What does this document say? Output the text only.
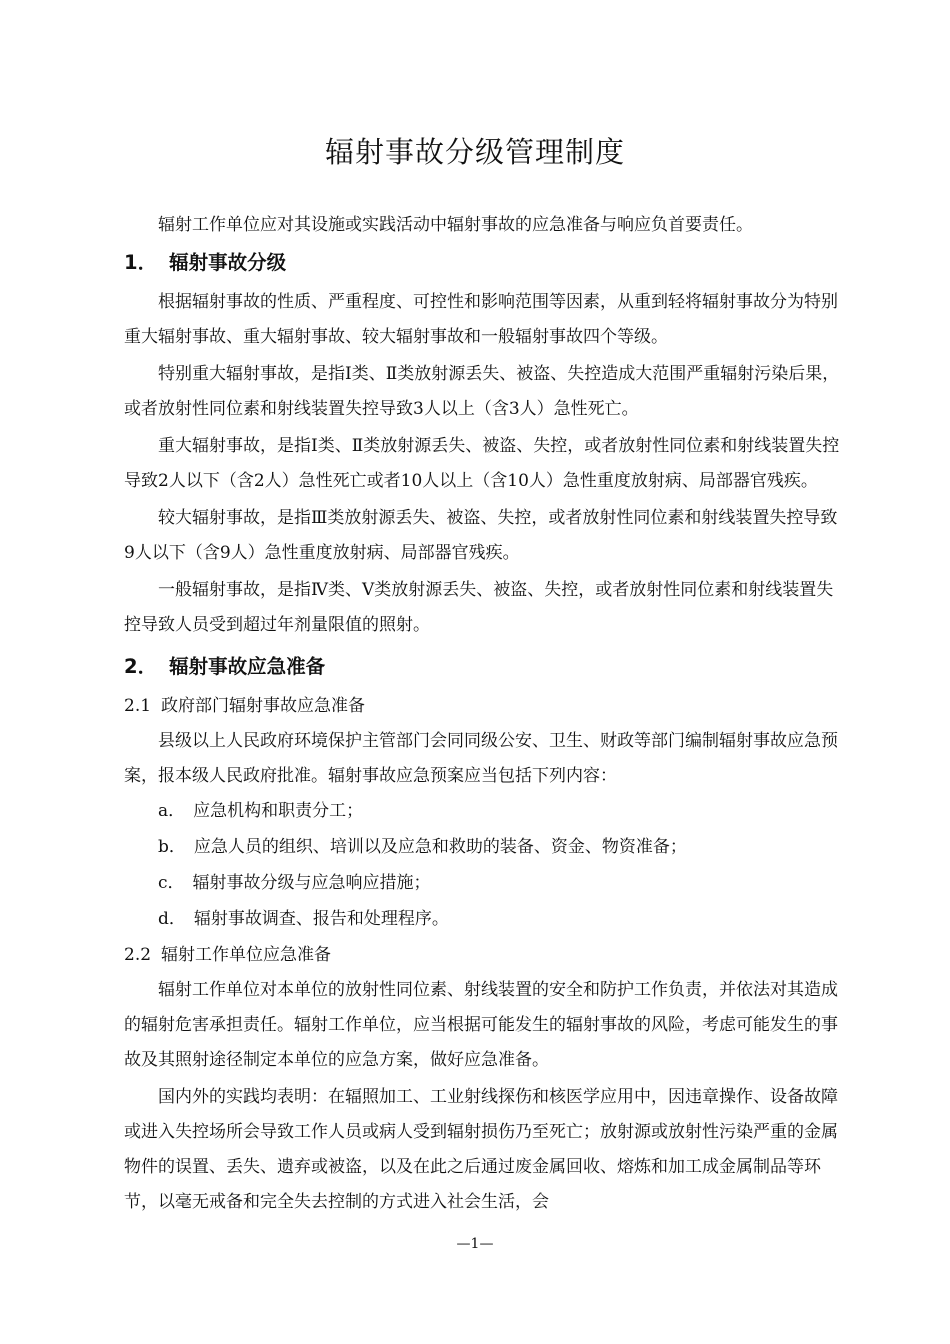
辐射事故分级管理制度

辐射工作单位应对其设施或实践活动中辐射事故的应急准备与响应负首要责任。

1． 辐射事故分级

根据辐射事故的性质、严重程度、可控性和影响范围等因素，从重到轻将辐射事故分为特别重大辐射事故、重大辐射事故、较大辐射事故和一般辐射事故四个等级。

特别重大辐射事故，是指Ⅰ类、Ⅱ类放射源丢失、被盗、失控造成大范围严重辐射污染后果，或者放射性同位素和射线装置失控导致3人以上（含3人）急性死亡。

重大辐射事故，是指Ⅰ类、Ⅱ类放射源丢失、被盗、失控，或者放射性同位素和射线装置失控导致2人以下（含2人）急性死亡或者10人以上（含10人）急性重度放射病、局部器官残疾。

较大辐射事故，是指Ⅲ类放射源丢失、被盗、失控，或者放射性同位素和射线装置失控导致9人以下（含9人）急性重度放射病、局部器官残疾。

一般辐射事故，是指Ⅳ类、Ⅴ类放射源丢失、被盗、失控，或者放射性同位素和射线装置失控导致人员受到超过年剂量限值的照射。

2． 辐射事故应急准备

2.1 政府部门辐射事故应急准备

县级以上人民政府环境保护主管部门会同同级公安、卫生、财政等部门编制辐射事故应急预案，报本级人民政府批准。辐射事故应急预案应当包括下列内容：

a． 应急机构和职责分工；

b． 应急人员的组织、培训以及应急和救助的装备、资金、物资准备；

c． 辐射事故分级与应急响应措施；

d． 辐射事故调查、报告和处理程序。

2.2 辐射工作单位应急准备

辐射工作单位对本单位的放射性同位素、射线装置的安全和防护工作负责，并依法对其造成的辐射危害承担责任。辐射工作单位，应当根据可能发生的辐射事故的风险，考虑可能发生的事故及其照射途径制定本单位的应急方案，做好应急准备。

国内外的实践均表明：在辐照加工、工业射线探伤和核医学应用中，因违章操作、设备故障或进入失控场所会导致工作人员或病人受到辐射损伤乃至死亡；放射源或放射性污染严重的金属物件的误置、丢失、遗弃或被盗，以及在此之后通过废金属回收、熔炼和加工成金属制品等环节，以毫无戒备和完全失去控制的方式进入社会生活，会

—1—
